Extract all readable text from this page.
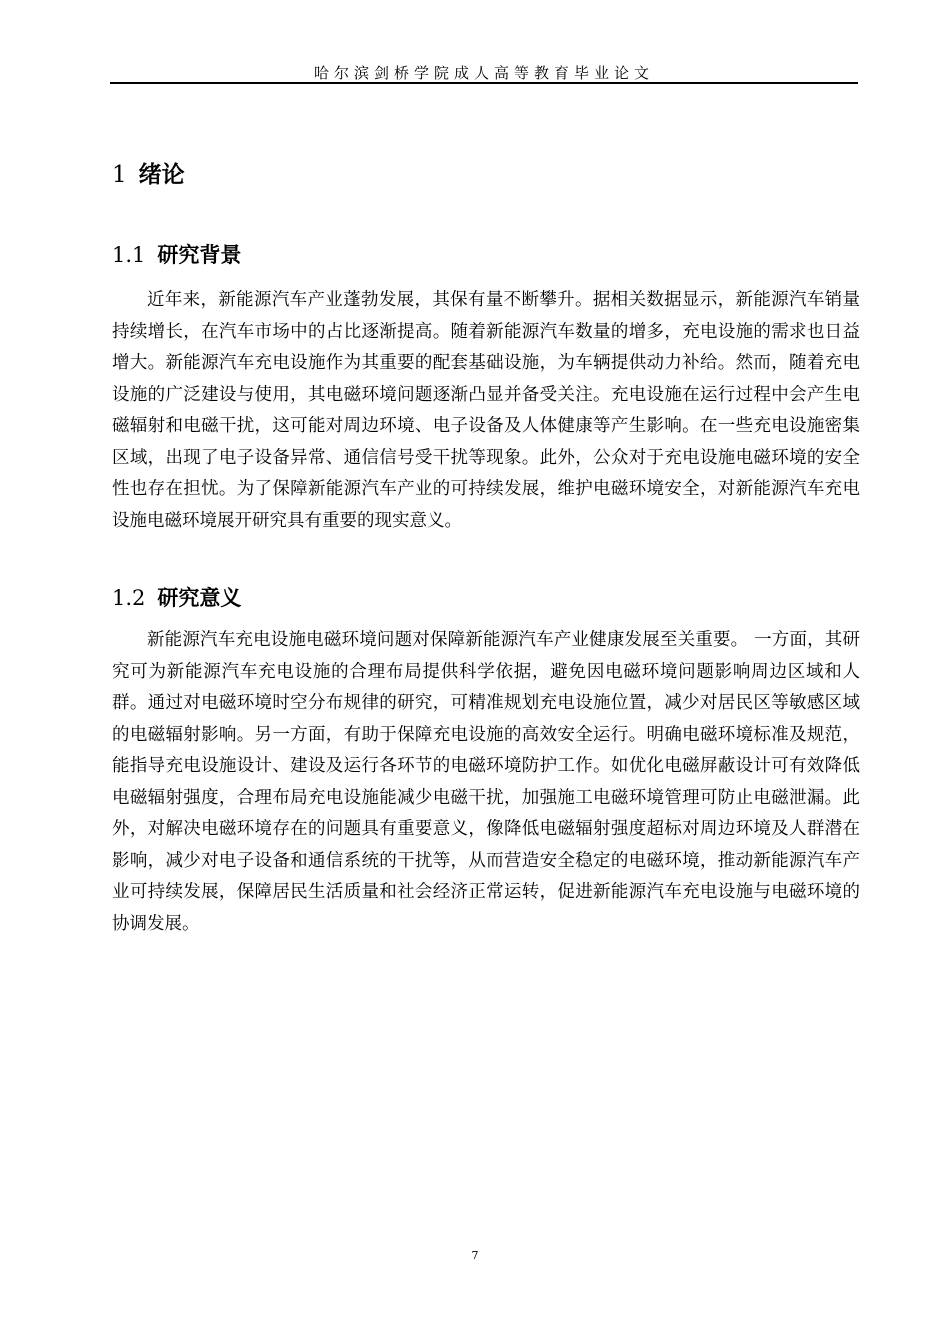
哈尔滨剑桥学院成人高等教育毕业论文
1 绪论
1.1 研究背景

近年来，新能源汽车产业蓬勃发展，其保有量不断攀升。据相关数据显示，新能源汽车销量持续增长，在汽车市场中的占比逐渐提高。随着新能源汽车数量的增多，充电设施的需求也日益增大。新能源汽车充电设施作为其重要的配套基础设施，为车辆提供动力补给。然而，随着充电设施的广泛建设与使用，其电磁环境问题逐渐凸显并备受关注。充电设施在运行过程中会产生电磁辐射和电磁干扰，这可能对周边环境、电子设备及人体健康等产生影响。在一些充电设施密集区域，出现了电子设备异常、通信信号受干扰等现象。此外，公众对于充电设施电磁环境的安全性也存在担忧。为了保障新能源汽车产业的可持续发展，维护电磁环境安全，对新能源汽车充电设施电磁环境展开研究具有重要的现实意义。

1.2 研究意义

新能源汽车充电设施电磁环境问题对保障新能源汽车产业健康发展至关重要。 一方面，其研究可为新能源汽车充电设施的合理布局提供科学依据，避免因电磁环境问题影响周边区域和人群。通过对电磁环境时空分布规律的研究，可精准规划充电设施位置，减少对居民区等敏感区域的电磁辐射影响。另一方面，有助于保障充电设施的高效安全运行。明确电磁环境标准及规范，能指导充电设施设计、建设及运行各环节的电磁环境防护工作。如优化电磁屏蔽设计可有效降低电磁辐射强度，合理布局充电设施能减少电磁干扰，加强施工电磁环境管理可防止电磁泄漏。此外，对解决电磁环境存在的问题具有重要意义，像降低电磁辐射强度超标对周边环境及人群潜在影响，减少对电子设备和通信系统的干扰等，从而营造安全稳定的电磁环境，推动新能源汽车产业可持续发展，保障居民生活质量和社会经济正常运转，促进新能源汽车充电设施与电磁环境的协调发展。

7
